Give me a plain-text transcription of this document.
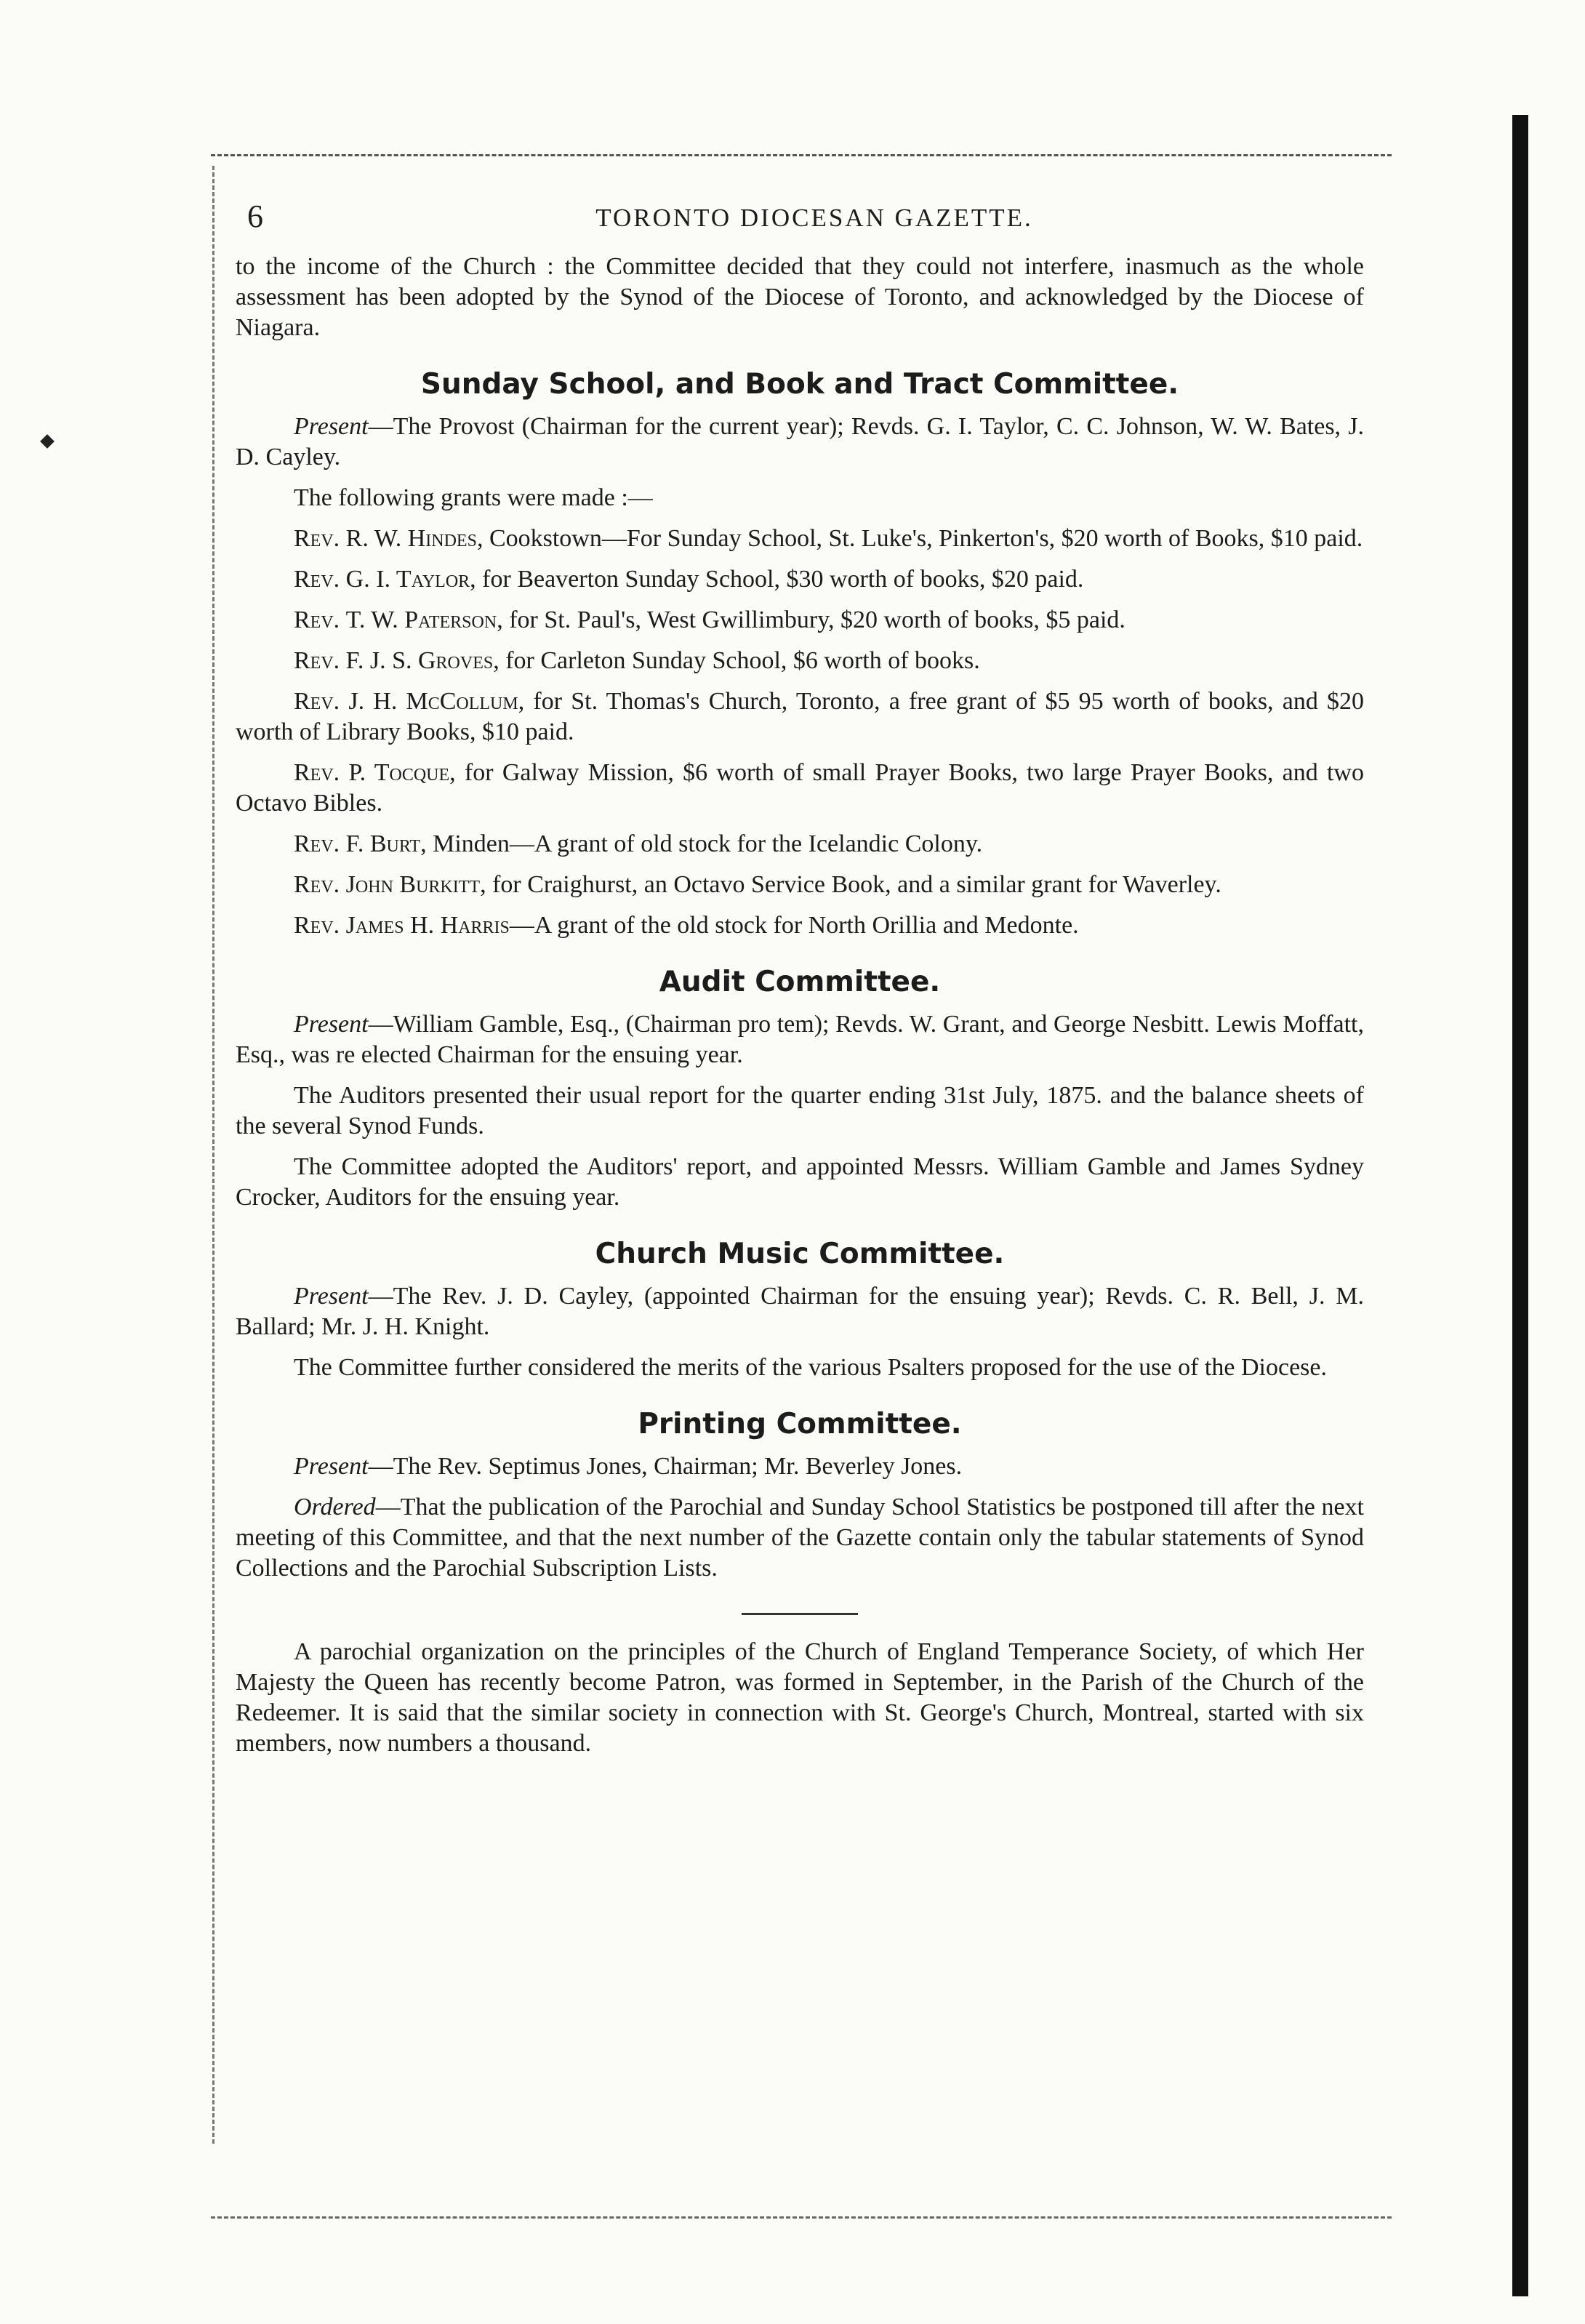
6	TORONTO DIOCESAN GAZETTE.

to the income of the Church : the Committee decided that they could not interfere, inasmuch as the whole assessment has been adopted by the Synod of the Diocese of Toronto, and acknowledged by the Diocese of Niagara.

Sunday School, and Book and Tract Committee.

Present—The Provost (Chairman for the current year); Revds. G. I. Taylor, C. C. Johnson, W. W. Bates, J. D. Cayley.

The following grants were made :—

Rev. R. W. Hindes, Cookstown—For Sunday School, St. Luke's, Pinkerton's, $20 worth of Books, $10 paid.

Rev. G. I. Taylor, for Beaverton Sunday School, $30 worth of books, $20 paid.

Rev. T. W. Paterson, for St. Paul's, West Gwillimbury, $20 worth of books, $5 paid.

Rev. F. J. S. Groves, for Carleton Sunday School, $6 worth of books.

Rev. J. H. McCollum, for St. Thomas's Church, Toronto, a free grant of $5 95 worth of books, and $20 worth of Library Books, $10 paid.

Rev. P. Tocque, for Galway Mission, $6 worth of small Prayer Books, two large Prayer Books, and two Octavo Bibles.

Rev. F. Burt, Minden—A grant of old stock for the Icelandic Colony.

Rev. John Burkitt, for Craighurst, an Octavo Service Book, and a similar grant for Waverley.

Rev. James H. Harris—A grant of the old stock for North Orillia and Medonte.

Audit Committee.

Present—William Gamble, Esq., (Chairman pro tem); Revds. W. Grant, and George Nesbitt. Lewis Moffatt, Esq., was re elected Chairman for the ensuing year.

The Auditors presented their usual report for the quarter ending 31st July, 1875. and the balance sheets of the several Synod Funds.

The Committee adopted the Auditors' report, and appointed Messrs. William Gamble and James Sydney Crocker, Auditors for the ensuing year.

Church Music Committee.

Present—The Rev. J. D. Cayley, (appointed Chairman for the ensuing year); Revds. C. R. Bell, J. M. Ballard; Mr. J. H. Knight.

The Committee further considered the merits of the various Psalters proposed for the use of the Diocese.

Printing Committee.

Present—The Rev. Septimus Jones, Chairman; Mr. Beverley Jones.

Ordered—That the publication of the Parochial and Sunday School Statistics be postponed till after the next meeting of this Committee, and that the next number of the Gazette contain only the tabular statements of Synod Collections and the Parochial Subscription Lists.

A parochial organization on the principles of the Church of England Temperance Society, of which Her Majesty the Queen has recently become Patron, was formed in September, in the Parish of the Church of the Redeemer. It is said that the similar society in connection with St. George's Church, Montreal, started with six members, now numbers a thousand.
